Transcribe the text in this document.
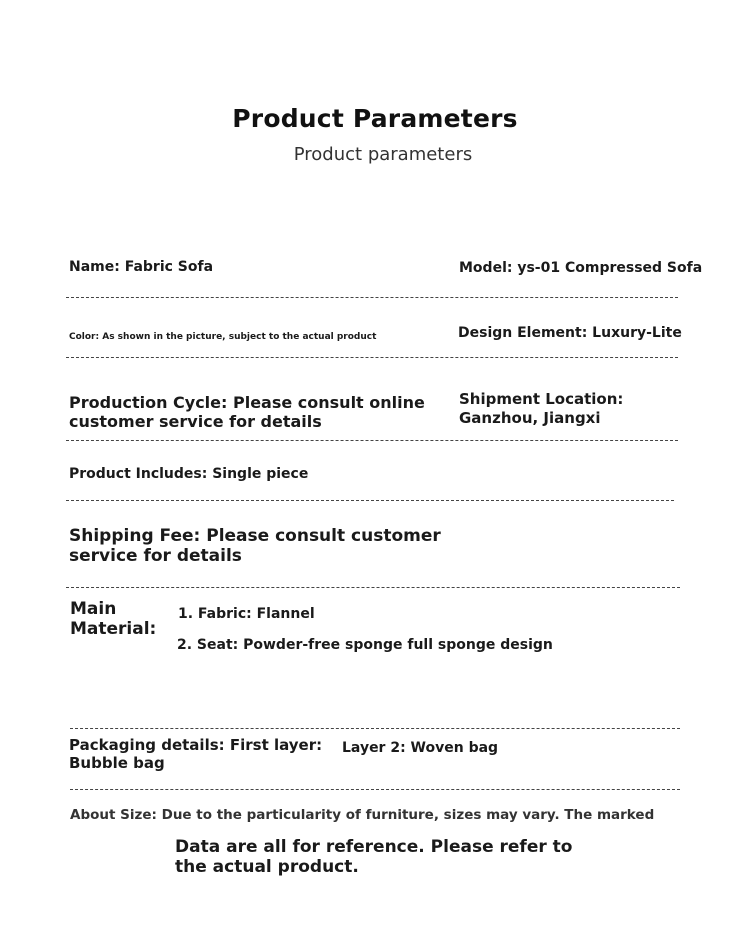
Product Parameters
Product parameters
Name: Fabric Sofa	Model: ys-01 Compressed Sofa
Color: As shown in the picture, subject to the actual product	Design Element: Luxury-Lite
Production Cycle: Please consult online
customer service for details
Shipment Location:
Ganzhou, Jiangxi
Product Includes: Single piece
Shipping Fee: Please consult customer
service for details
Main
Material:
1. Fabric: Flannel
2. Seat: Powder-free sponge full sponge design
Packaging details: First layer:
Bubble bag
Layer 2: Woven bag
About Size: Due to the particularity of furniture, sizes may vary. The marked
Data are all for reference. Please refer to
the actual product.
